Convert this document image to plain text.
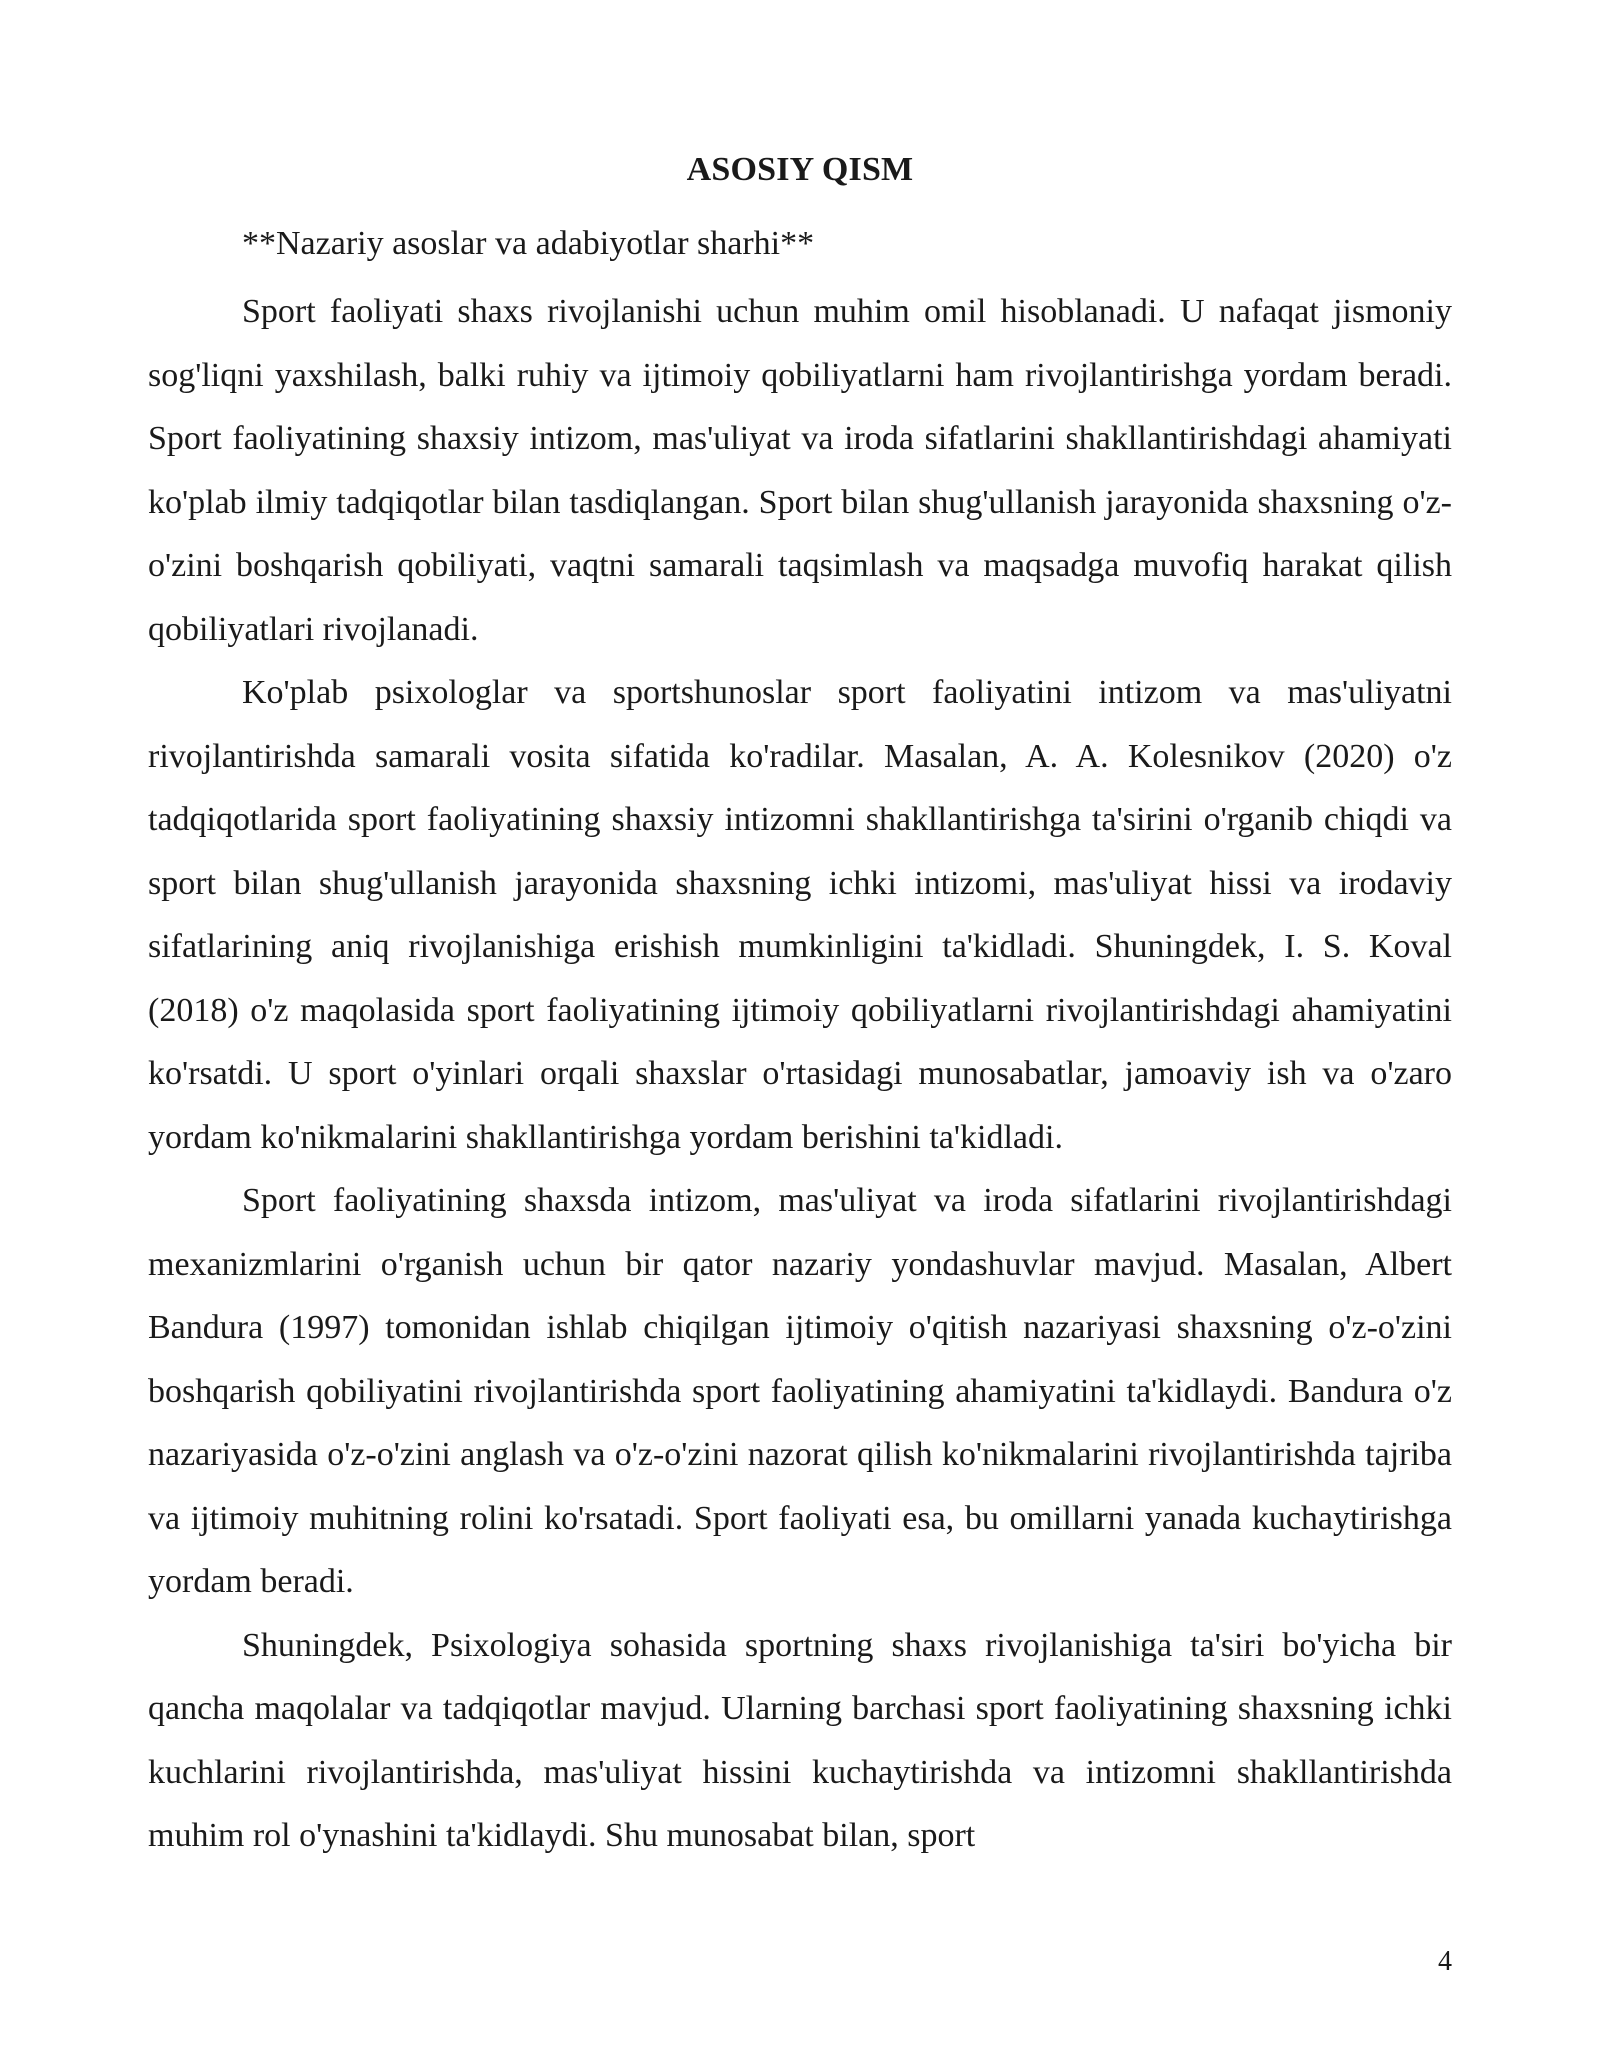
ASOSIY QISM
**Nazariy asoslar va adabiyotlar sharhi**

Sport faoliyati shaxs rivojlanishi uchun muhim omil hisoblanadi. U nafaqat jismoniy sog'liqni yaxshilash, balki ruhiy va ijtimoiy qobiliyatlarni ham rivojlantirishga yordam beradi. Sport faoliyatining shaxsiy intizom, mas'uliyat va iroda sifatlarini shakllantirishdagi ahamiyati ko'plab ilmiy tadqiqotlar bilan tasdiqlangan. Sport bilan shug'ullanish jarayonida shaxsning o'z-o'zini boshqarish qobiliyati, vaqtni samarali taqsimlash va maqsadga muvofiq harakat qilish qobiliyatlari rivojlanadi.

Ko'plab psixologlar va sportshunoslar sport faoliyatini intizom va mas'uliyatni rivojlantirishda samarali vosita sifatida ko'radilar. Masalan, A. A. Kolesnikov (2020) o'z tadqiqotlarida sport faoliyatining shaxsiy intizomni shakllantirishga ta'sirini o'rganib chiqdi va sport bilan shug'ullanish jarayonida shaxsning ichki intizomi, mas'uliyat hissi va irodaviy sifatlarining aniq rivojlanishiga erishish mumkinligini ta'kidladi. Shuningdek, I. S. Koval (2018) o'z maqolasida sport faoliyatining ijtimoiy qobiliyatlarni rivojlantirishdagi ahamiyatini ko'rsatdi. U sport o'yinlari orqali shaxslar o'rtasidagi munosabatlar, jamoaviy ish va o'zaro yordam ko'nikmalarini shakllantirishga yordam berishini ta'kidladi.

Sport faoliyatining shaxsda intizom, mas'uliyat va iroda sifatlarini rivojlantirishdagi mexanizmlarini o'rganish uchun bir qator nazariy yondashuvlar mavjud. Masalan, Albert Bandura (1997) tomonidan ishlab chiqilgan ijtimoiy o'qitish nazariyasi shaxsning o'z-o'zini boshqarish qobiliyatini rivojlantirishda sport faoliyatining ahamiyatini ta'kidlaydi. Bandura o'z nazariyasida o'z-o'zini anglash va o'z-o'zini nazorat qilish ko'nikmalarini rivojlantirishda tajriba va ijtimoiy muhitning rolini ko'rsatadi. Sport faoliyati esa, bu omillarni yanada kuchaytirishga yordam beradi.

Shuningdek, Psixologiya sohasida sportning shaxs rivojlanishiga ta'siri bo'yicha bir qancha maqolalar va tadqiqotlar mavjud. Ularning barchasi sport faoliyatining shaxsning ichki kuchlarini rivojlantirishda, mas'uliyat hissini kuchaytirishda va intizomni shakllantirishda muhim rol o'ynashini ta'kidlaydi. Shu munosabat bilan, sport

4
